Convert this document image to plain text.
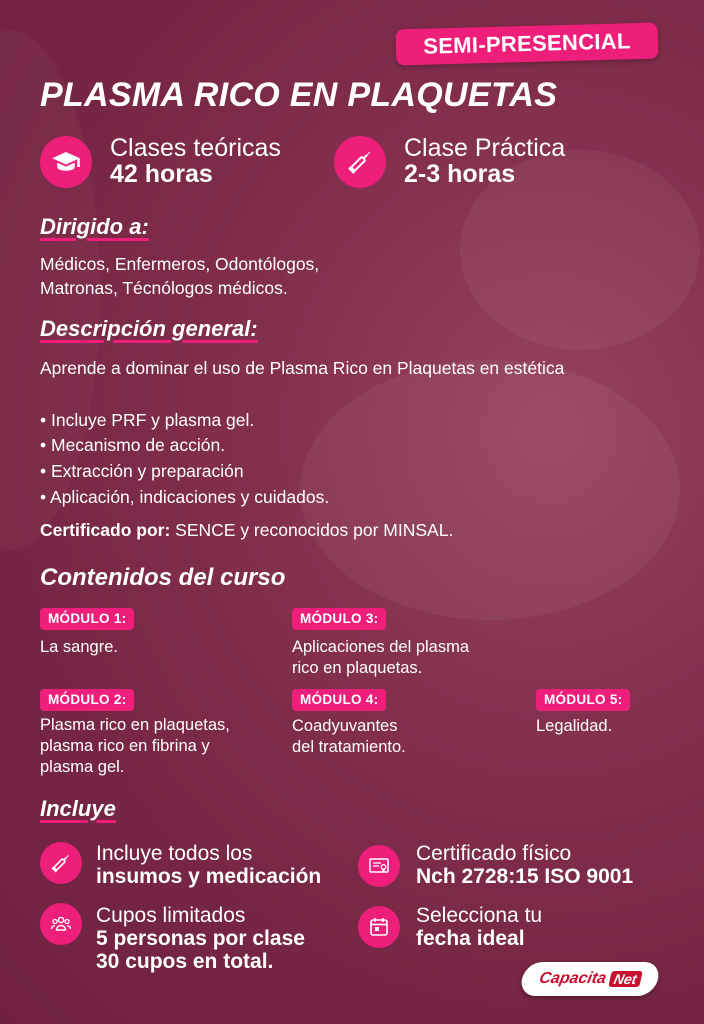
SEMI-PRESENCIAL
PLASMA RICO EN PLAQUETAS
Clases teóricas
42 horas
Clase Práctica
2-3 horas
Dirigido a:
Médicos, Enfermeros, Odontólogos,
Matronas, Técnólogos médicos.
Descripción general:
Aprende a dominar el uso de Plasma Rico en Plaquetas en estética
• Incluye PRF y plasma gel.
• Mecanismo de acción.
• Extracción y preparación
• Aplicación, indicaciones y cuidados.
Certificado por: SENCE y reconocidos por MINSAL.
Contenidos del curso
MÓDULO 1:
La sangre.
MÓDULO 3:
Aplicaciones del plasma
rico en plaquetas.
MÓDULO 2:
Plasma rico en plaquetas,
plasma rico en fibrina y
plasma gel.
MÓDULO 4:
Coadyuvantes
del tratamiento.
MÓDULO 5:
Legalidad.
Incluye
Incluye todos los
insumos y medicación
Certificado físico
Nch 2728:15 ISO 9001
Cupos limitados
5 personas por clase
30 cupos en total.
Selecciona tu
fecha ideal
Capacita Net
